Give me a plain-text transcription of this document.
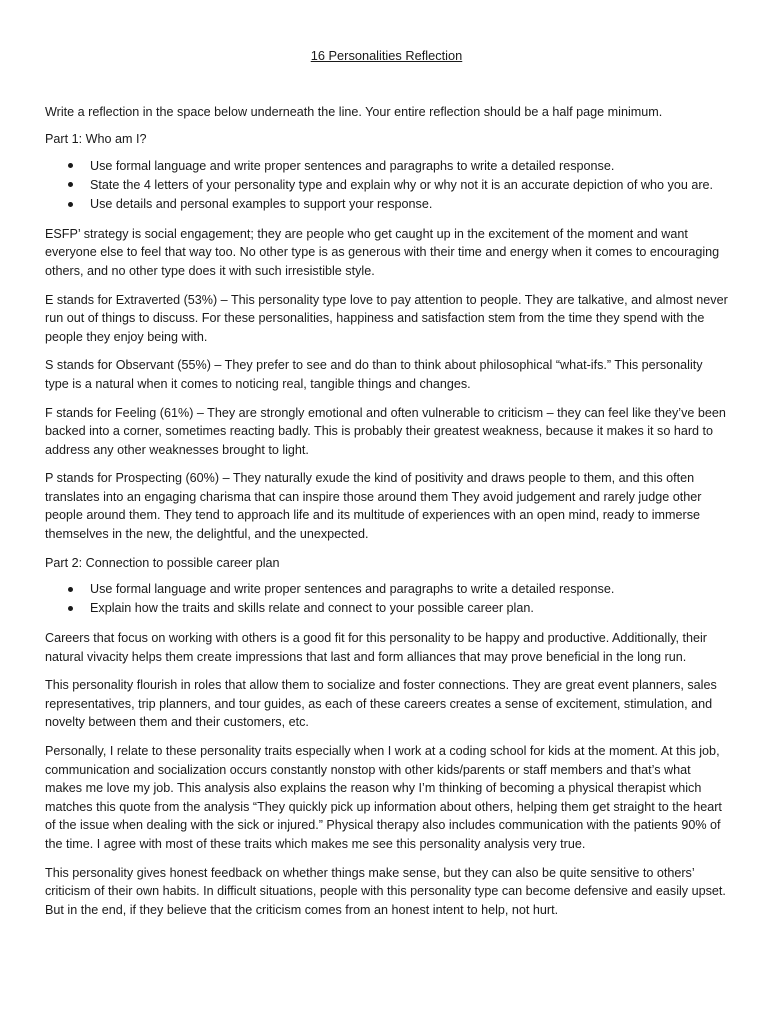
16 Personalities Reflection
Write a reflection in the space below underneath the line. Your entire reflection should be a half page minimum.
Part 1: Who am I?
Use formal language and write proper sentences and paragraphs to write a detailed response.
State the 4 letters of your personality type and explain why or why not it is an accurate depiction of who you are.
Use details and personal examples to support your response.

ESFP’ strategy is social engagement; they are people who get caught up in the excitement of the moment and want everyone else to feel that way too. No other type is as generous with their time and energy when it comes to encouraging others, and no other type does it with such irresistible style.

E stands for Extraverted (53%) – This personality type love to pay attention to people. They are talkative, and almost never run out of things to discuss. For these personalities, happiness and satisfaction stem from the time they spend with the people they enjoy being with.

S stands for Observant (55%) – They prefer to see and do than to think about philosophical “what-ifs.” This personality type is a natural when it comes to noticing real, tangible things and changes.

F stands for Feeling (61%) – They are strongly emotional and often vulnerable to criticism – they can feel like they’ve been backed into a corner, sometimes reacting badly. This is probably their greatest weakness, because it makes it so hard to address any other weaknesses brought to light.

P stands for Prospecting (60%) – They naturally exude the kind of positivity and draws people to them, and this often translates into an engaging charisma that can inspire those around them They avoid judgement and rarely judge other people around them. They tend to approach life and its multitude of experiences with an open mind, ready to immerse themselves in the new, the delightful, and the unexpected.

Part 2: Connection to possible career plan
Use formal language and write proper sentences and paragraphs to write a detailed response.
Explain how the traits and skills relate and connect to your possible career plan.

Careers that focus on working with others is a good fit for this personality to be happy and productive. Additionally, their natural vivacity helps them create impressions that last and form alliances that may prove beneficial in the long run.

This personality flourish in roles that allow them to socialize and foster connections. They are great event planners, sales representatives, trip planners, and tour guides, as each of these careers creates a sense of excitement, stimulation, and novelty between them and their customers, etc.

Personally, I relate to these personality traits especially when I work at a coding school for kids at the moment. At this job, communication and socialization occurs constantly nonstop with other kids/parents or staff members and that’s what makes me love my job. This analysis also explains the reason why I’m thinking of becoming a physical therapist which matches this quote from the analysis “They quickly pick up information about others, helping them get straight to the heart of the issue when dealing with the sick or injured.” Physical therapy also includes communication with the patients 90% of the time. I agree with most of these traits which makes me see this personality analysis very true.

This personality gives honest feedback on whether things make sense, but they can also be quite sensitive to others’ criticism of their own habits. In difficult situations, people with this personality type can become defensive and easily upset. But in the end, if they believe that the criticism comes from an honest intent to help, not hurt.
